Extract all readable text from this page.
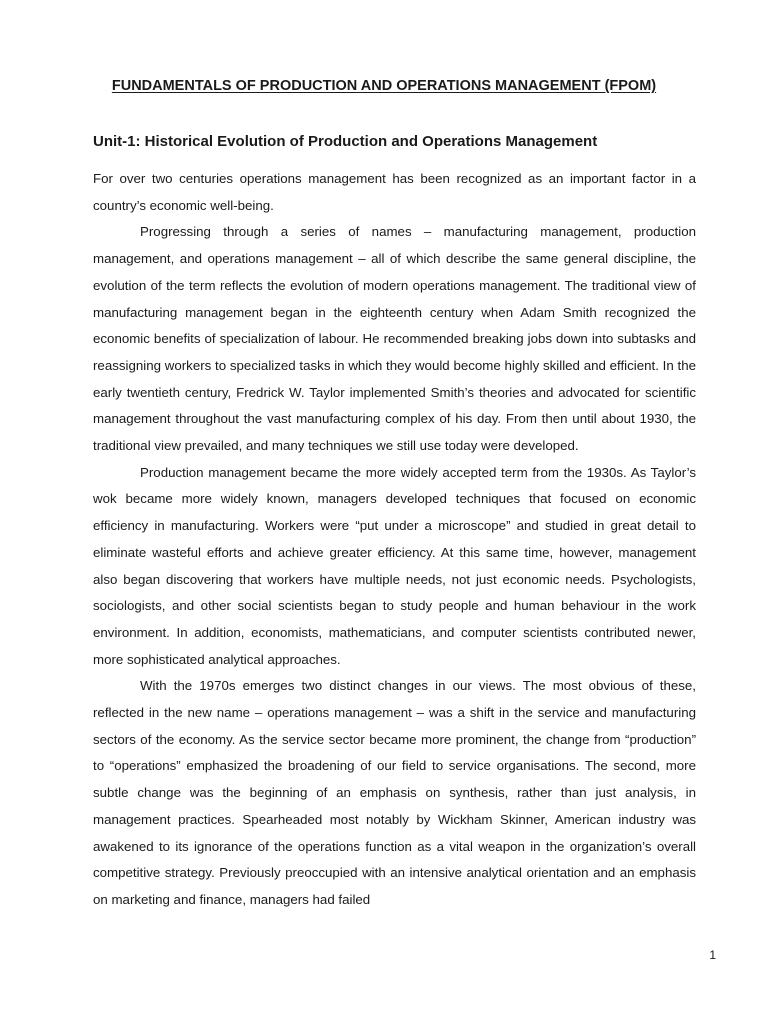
FUNDAMENTALS OF PRODUCTION AND OPERATIONS MANAGEMENT (FPOM)
Unit-1: Historical Evolution of Production and Operations Management

For over two centuries operations management has been recognized as an important factor in a country’s economic well-being.

Progressing through a series of names – manufacturing management, production management, and operations management – all of which describe the same general discipline, the evolution of the term reflects the evolution of modern operations management. The traditional view of manufacturing management began in the eighteenth century when Adam Smith recognized the economic benefits of specialization of labour. He recommended breaking jobs down into subtasks and reassigning workers to specialized tasks in which they would become highly skilled and efficient. In the early twentieth century, Fredrick W. Taylor implemented Smith’s theories and advocated for scientific management throughout the vast manufacturing complex of his day. From then until about 1930, the traditional view prevailed, and many techniques we still use today were developed.

Production management became the more widely accepted term from the 1930s. As Taylor’s wok became more widely known, managers developed techniques that focused on economic efficiency in manufacturing. Workers were “put under a microscope” and studied in great detail to eliminate wasteful efforts and achieve greater efficiency. At this same time, however, management also began discovering that workers have multiple needs, not just economic needs. Psychologists, sociologists, and other social scientists began to study people and human behaviour in the work environment. In addition, economists, mathematicians, and computer scientists contributed newer, more sophisticated analytical approaches.

With the 1970s emerges two distinct changes in our views. The most obvious of these, reflected in the new name – operations management – was a shift in the service and manufacturing sectors of the economy. As the service sector became more prominent, the change from “production” to “operations” emphasized the broadening of our field to service organisations. The second, more subtle change was the beginning of an emphasis on synthesis, rather than just analysis, in management practices. Spearheaded most notably by Wickham Skinner, American industry was awakened to its ignorance of the operations function as a vital weapon in the organization’s overall competitive strategy. Previously preoccupied with an intensive analytical orientation and an emphasis on marketing and finance, managers had failed

1
